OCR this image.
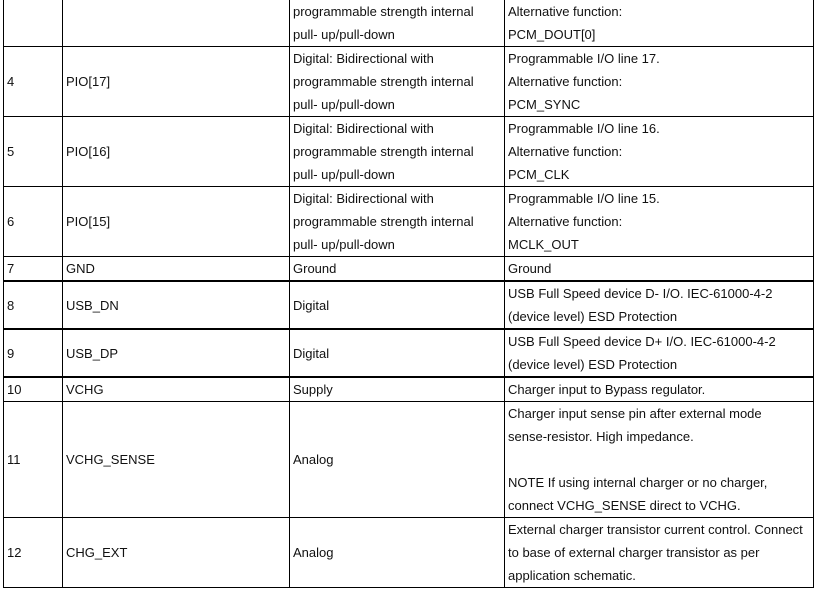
		programmable strength internal
pull- up/pull-down	Alternative function:
PCM_DOUT[0]

4	PIO[17]	Digital: Bidirectional with
programmable strength internal
pull- up/pull-down	Programmable I/O line 17.
Alternative function:
PCM_SYNC

5	PIO[16]	Digital: Bidirectional with
programmable strength internal
pull- up/pull-down	Programmable I/O line 16.
Alternative function:
PCM_CLK

6	PIO[15]	Digital: Bidirectional with
programmable strength internal
pull- up/pull-down	Programmable I/O line 15.
Alternative function:
MCLK_OUT

7	GND	Ground	Ground
8	USB_DN	Digital	USB Full Speed device D- I/O. IEC-61000-4-2
(device level) ESD Protection

9	USB_DP	Digital	USB Full Speed device D+ I/O. IEC-61000-4-2
(device level) ESD Protection

10	VCHG	Supply	Charger input to Bypass regulator.
11	VCHG_SENSE	Analog	Charger input sense pin after external mode
sense-resistor. High impedance.
NOTE If using internal charger or no charger,
connect VCHG_SENSE direct to VCHG.

12	CHG_EXT	Analog	External charger transistor current control. Connect
to base of external charger transistor as per
application schematic.
